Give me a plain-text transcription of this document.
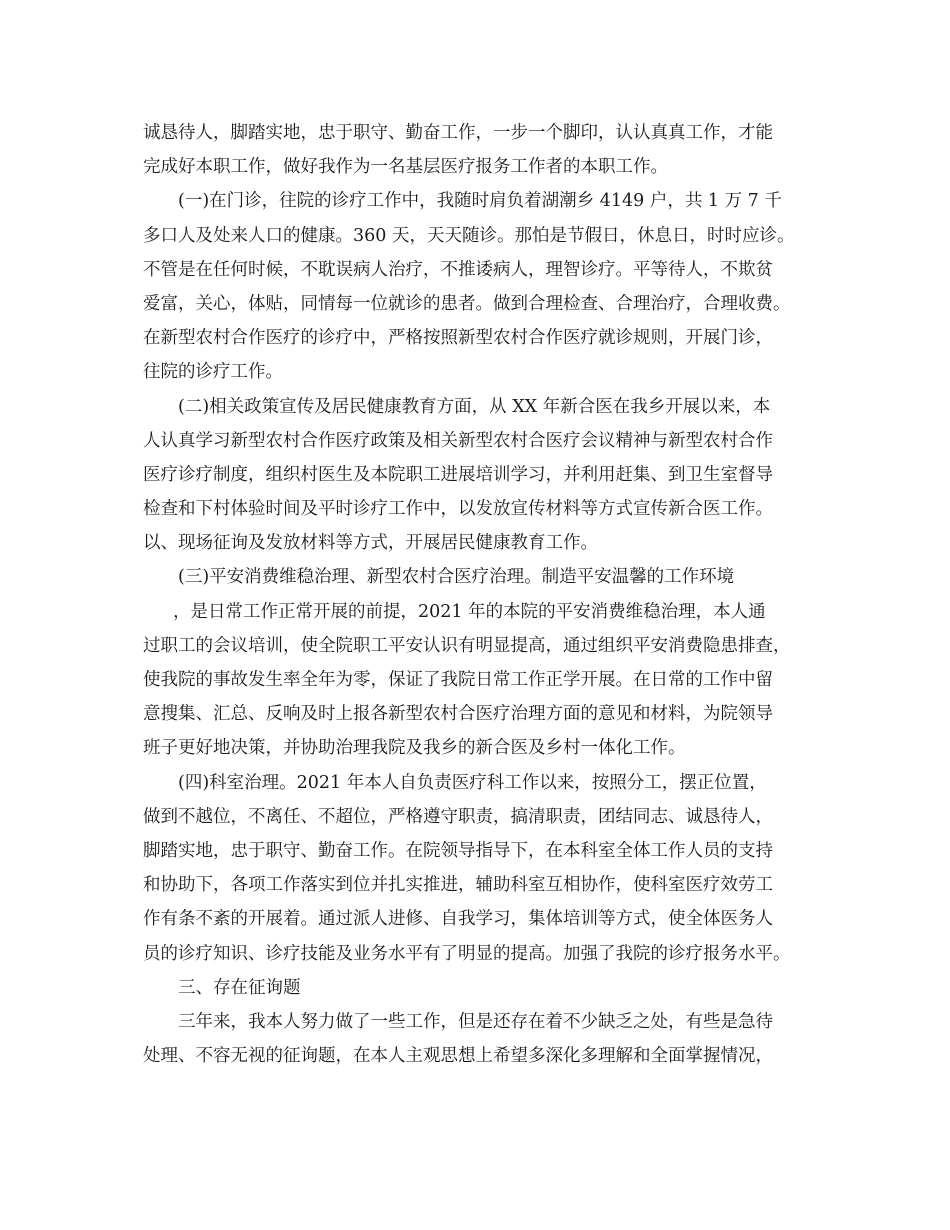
诚恳待人，脚踏实地，忠于职守、勤奋工作，一步一个脚印，认认真真工作，才能
完成好本职工作，做好我作为一名基层医疗报务工作者的本职工作。
(一)在门诊，往院的诊疗工作中，我随时肩负着湖潮乡 4149 户，共 1 万 7 千
多口人及处来人口的健康。360 天，天天随诊。那怕是节假日，休息日，时时应诊。
不管是在任何时候，不耽误病人治疗，不推诿病人，理智诊疗。平等待人，不欺贫
爱富，关心，体贴，同情每一位就诊的患者。做到合理检查、合理治疗，合理收费。
在新型农村合作医疗的诊疗中，严格按照新型农村合作医疗就诊规则，开展门诊，
往院的诊疗工作。
(二)相关政策宣传及居民健康教育方面，从 XX 年新合医在我乡开展以来，本
人认真学习新型农村合作医疗政策及相关新型农村合医疗会议精神与新型农村合作
医疗诊疗制度，组织村医生及本院职工进展培训学习，并利用赶集、到卫生室督导
检查和下村体验时间及平时诊疗工作中，以发放宣传材料等方式宣传新合医工作。
以、现场征询及发放材料等方式，开展居民健康教育工作。
(三)平安消费维稳治理、新型农村合医疗治理。制造平安温馨的工作环境
，是日常工作正常开展的前提，2021 年的本院的平安消费维稳治理，本人通
过职工的会议培训，使全院职工平安认识有明显提高，通过组织平安消费隐患排查，
使我院的事故发生率全年为零，保证了我院日常工作正学开展。在日常的工作中留
意搜集、汇总、反响及时上报各新型农村合医疗治理方面的意见和材料，为院领导
班子更好地决策，并协助治理我院及我乡的新合医及乡村一体化工作。
(四)科室治理。2021 年本人自负责医疗科工作以来，按照分工，摆正位置，
做到不越位，不离任、不超位，严格遵守职责，搞清职责，团结同志、诚恳待人，
脚踏实地，忠于职守、勤奋工作。在院领导指导下，在本科室全体工作人员的支持
和协助下，各项工作落实到位并扎实推进，辅助科室互相协作，使科室医疗效劳工
作有条不紊的开展着。通过派人进修、自我学习，集体培训等方式，使全体医务人
员的诊疗知识、诊疗技能及业务水平有了明显的提高。加强了我院的诊疗报务水平。
三、存在征询题
三年来，我本人努力做了一些工作，但是还存在着不少缺乏之处，有些是急待
处理、不容无视的征询题，在本人主观思想上希望多深化多理解和全面掌握情况，
